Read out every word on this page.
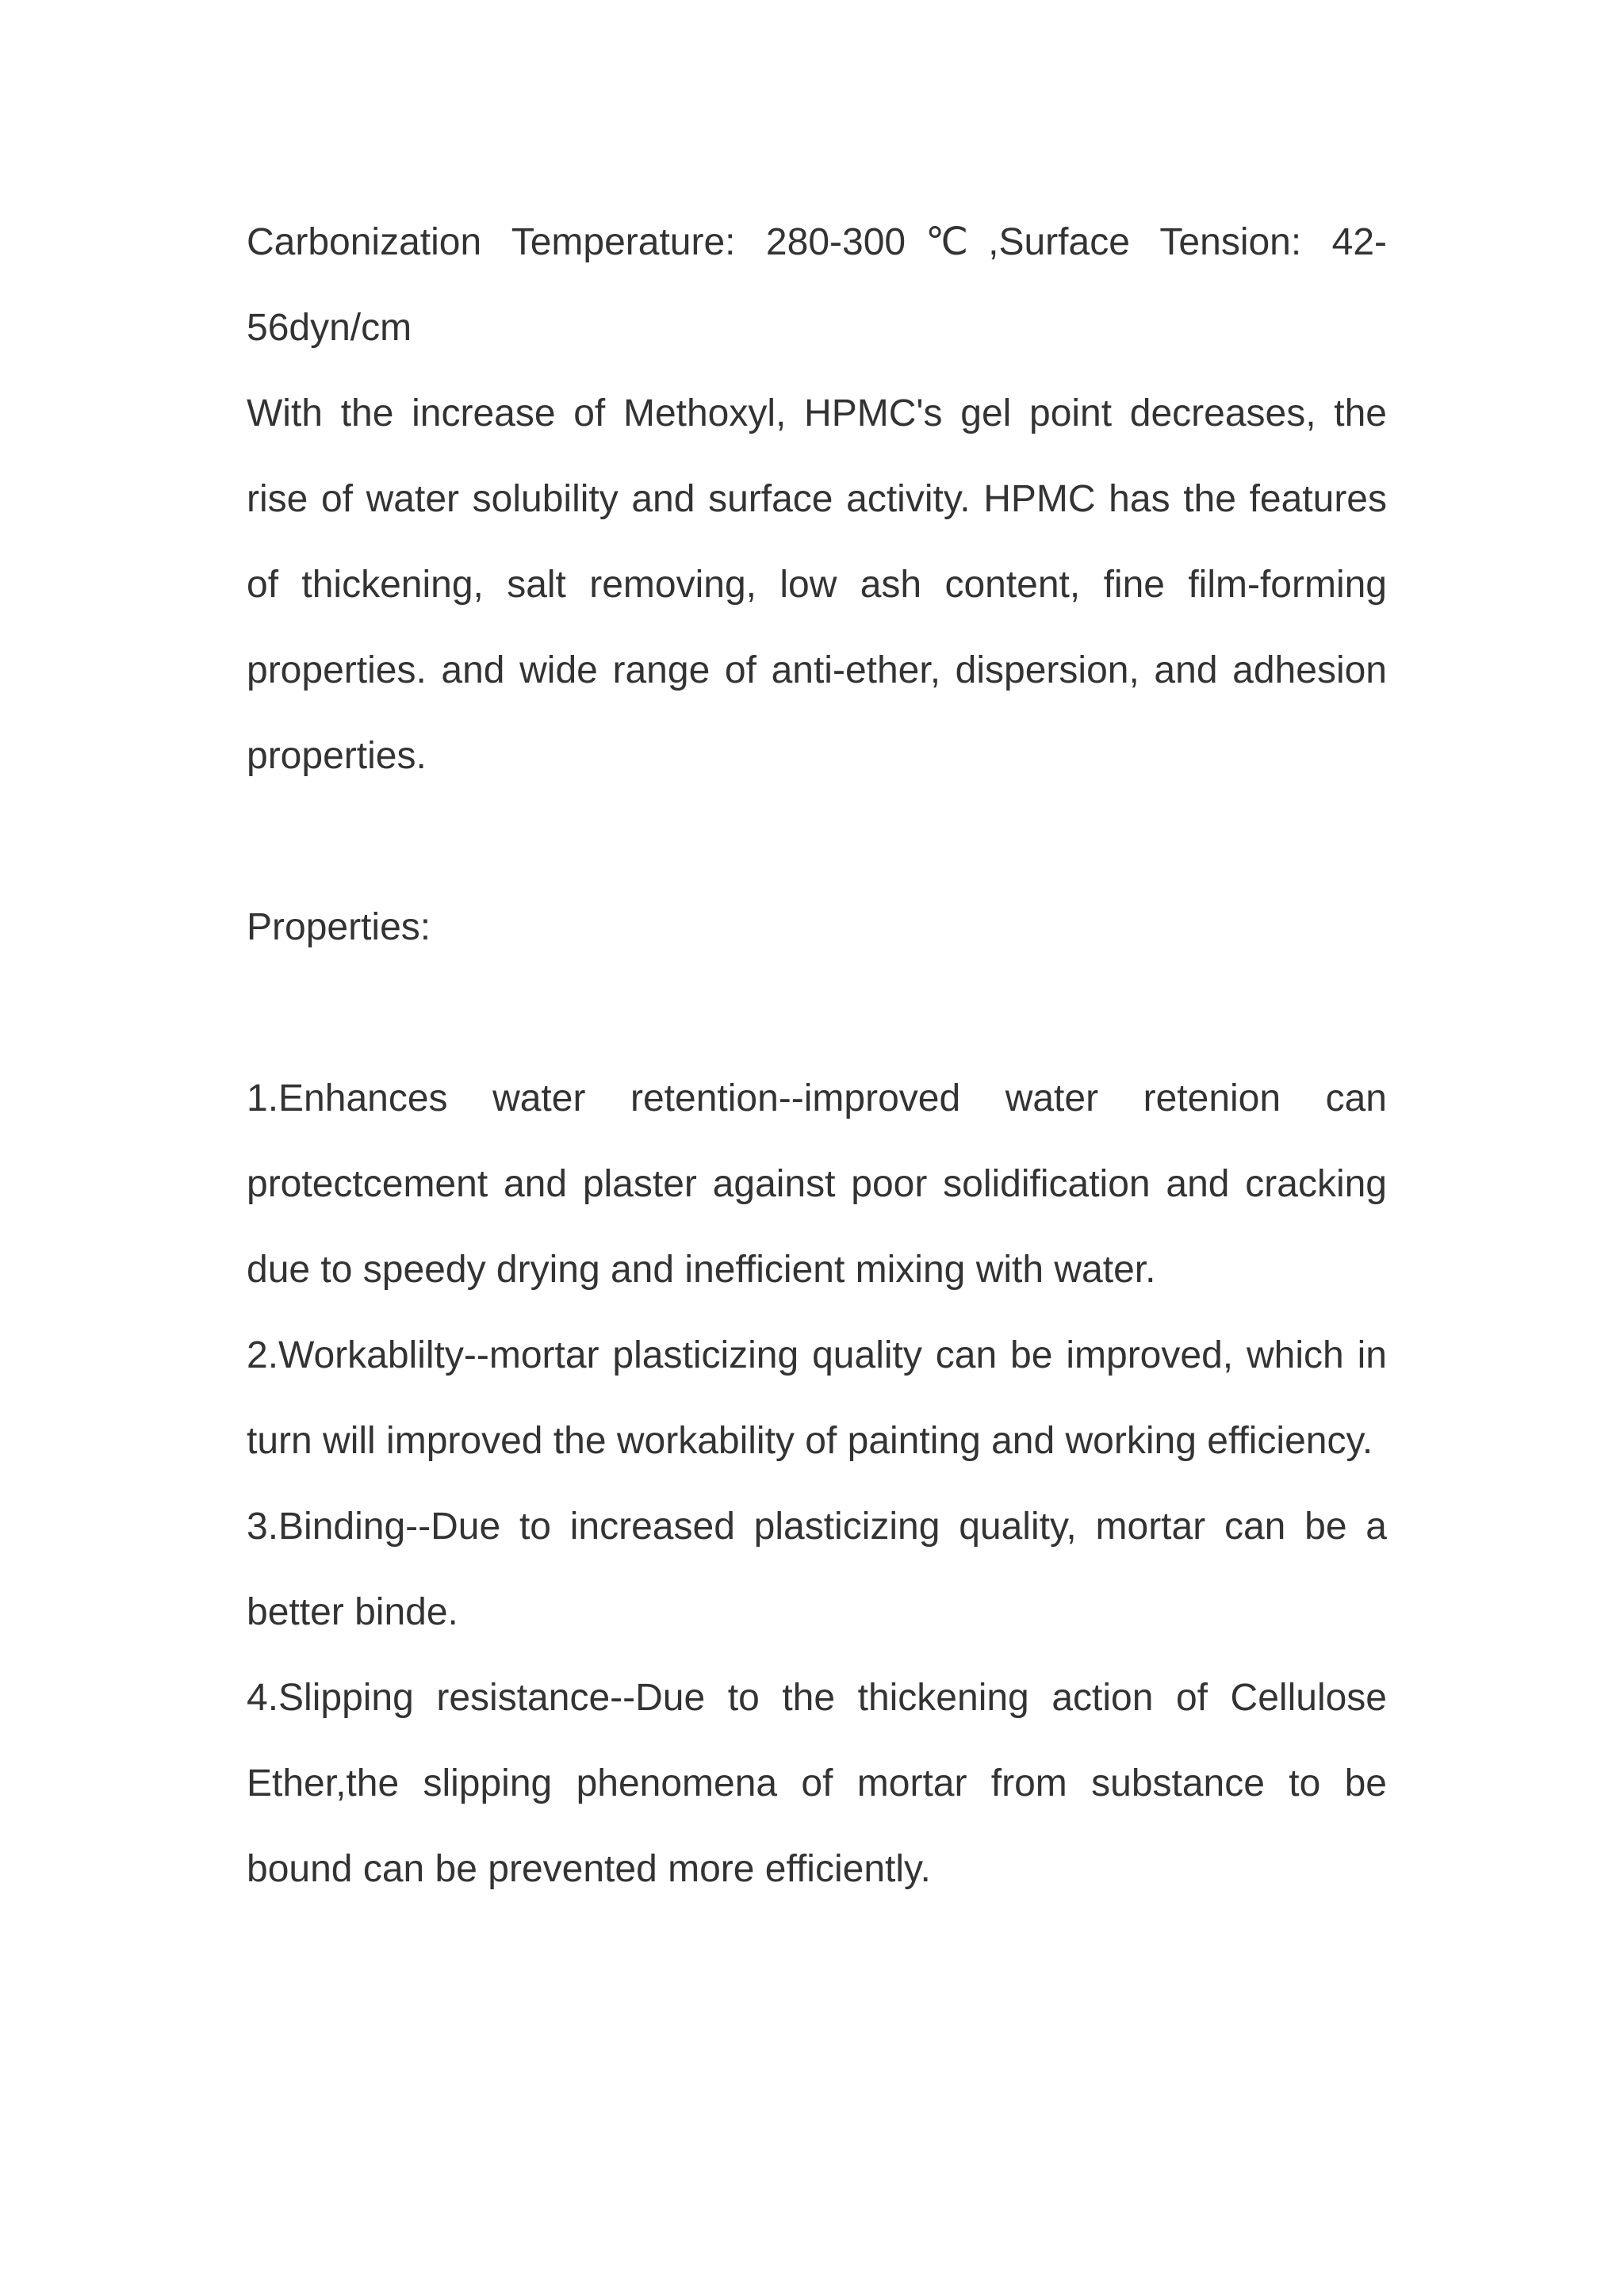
Carbonization Temperature: 280-300℃,Surface Tension: 42-56dyn/cm

With the increase of Methoxyl, HPMC's gel point decreases, the rise of water solubility and surface activity. HPMC has the features of thickening, salt removing, low ash content, fine film-forming properties. and wide range of anti-ether, dispersion, and adhesion properties.

Properties:

1.Enhances water retention--improved water retenion can protectcement and plaster against poor solidification and cracking due to speedy drying and inefficient mixing with water.

2.Workablilty--mortar plasticizing quality can be improved, which in turn will improved the workability of painting and working efficiency.

3.Binding--Due to increased plasticizing quality, mortar can be a better binde.

4.Slipping resistance--Due to the thickening action of Cellulose Ether,the slipping phenomena of mortar from substance to be bound can be prevented more efficiently.
